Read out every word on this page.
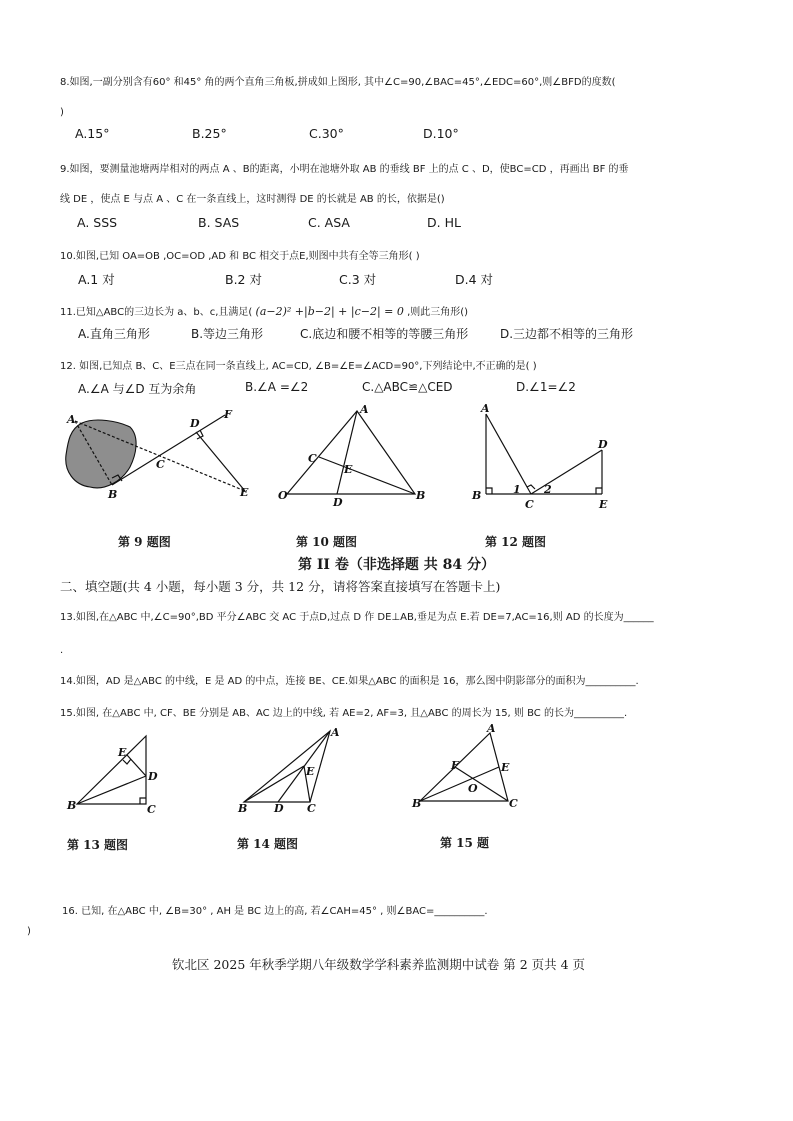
8.如图,一副分别含有60° 和45° 角的两个直角三角板,拼成如上图形, 其中∠C=90,∠BAC=45°,∠EDC=60°,则∠BFD的度数(
)
A.15°	B.25°	C.30°	D.10°
9.如图，要测量池塘两岸相对的两点 A 、B的距离，小明在池塘外取 AB 的垂线 BF 上的点 C 、D，使BC=CD ，再画出 BF 的垂
线 DE ，使点 E 与点 A 、C 在一条直线上，这时测得 DE 的长就是 AB 的长，依据是()
A. SSS	B. SAS	C. ASA	D. HL
10.如图,已知 OA=OB ,OC=OD ,AD 和 BC 相交于点E,则图中共有全等三角形( )
A.1 对	B.2 对	C.3 对	D.4 对
11.已知△ABC的三边长为 a、b、c,且满足( (a−2)² +|b−2| + |c−2| = 0 ,则此三角形()
A.直角三角形	B.等边三角形	C.底边和腰不相等的等腰三角形	D.三边都不相等的三角形
12. 如图,已知点 B、C、E三点在同一条直线上, AC=CD, ∠B=∠E=∠ACD=90°,下列结论中,不正确的是( )
A.∠A 与∠D 互为余角	B.∠A =∠2	C.△ABC≌△CED	D.∠1=∠2
A
B
C
D
F
E
A
C
E
O
D
B
A
D
B	1 2
C	E
第 9 题图	第 10 题图	第 12 题图
第 II 卷（非选择题 共 84 分）
二、填空题(共 4 小题，每小题 3 分，共 12 分，请将答案直接填写在答题卡上)
13.如图,在△ABC 中,∠C=90°,BD 平分∠ABC 交 AC 于点D,过点 D 作 DE⊥AB,垂足为点 E.若 DE=7,AC=16,则 AD 的长度为______
.
14.如图，AD 是△ABC 的中线，E 是 AD 的中点，连接 BE、CE.如果△ABC 的面积是 16，那么图中阴影部分的面积为__________.
15.如图, 在△ABC 中, CF、BE 分别是 AB、AC 边上的中线, 若 AE=2, AF=3, 且△ABC 的周长为 15, 则 BC 的长为__________.
E
D
B	C
A
E
B D C
A
F	E
O
B	C
第 13 题图	第 14 题图	第 15 题
16. 已知, 在△ABC 中, ∠B=30° , AH 是 BC 边上的高, 若∠CAH=45° , 则∠BAC=__________.
)
钦北区 2025 年秋季学期八年级数学学科素养监测期中试卷 第 2 页共 4 页
